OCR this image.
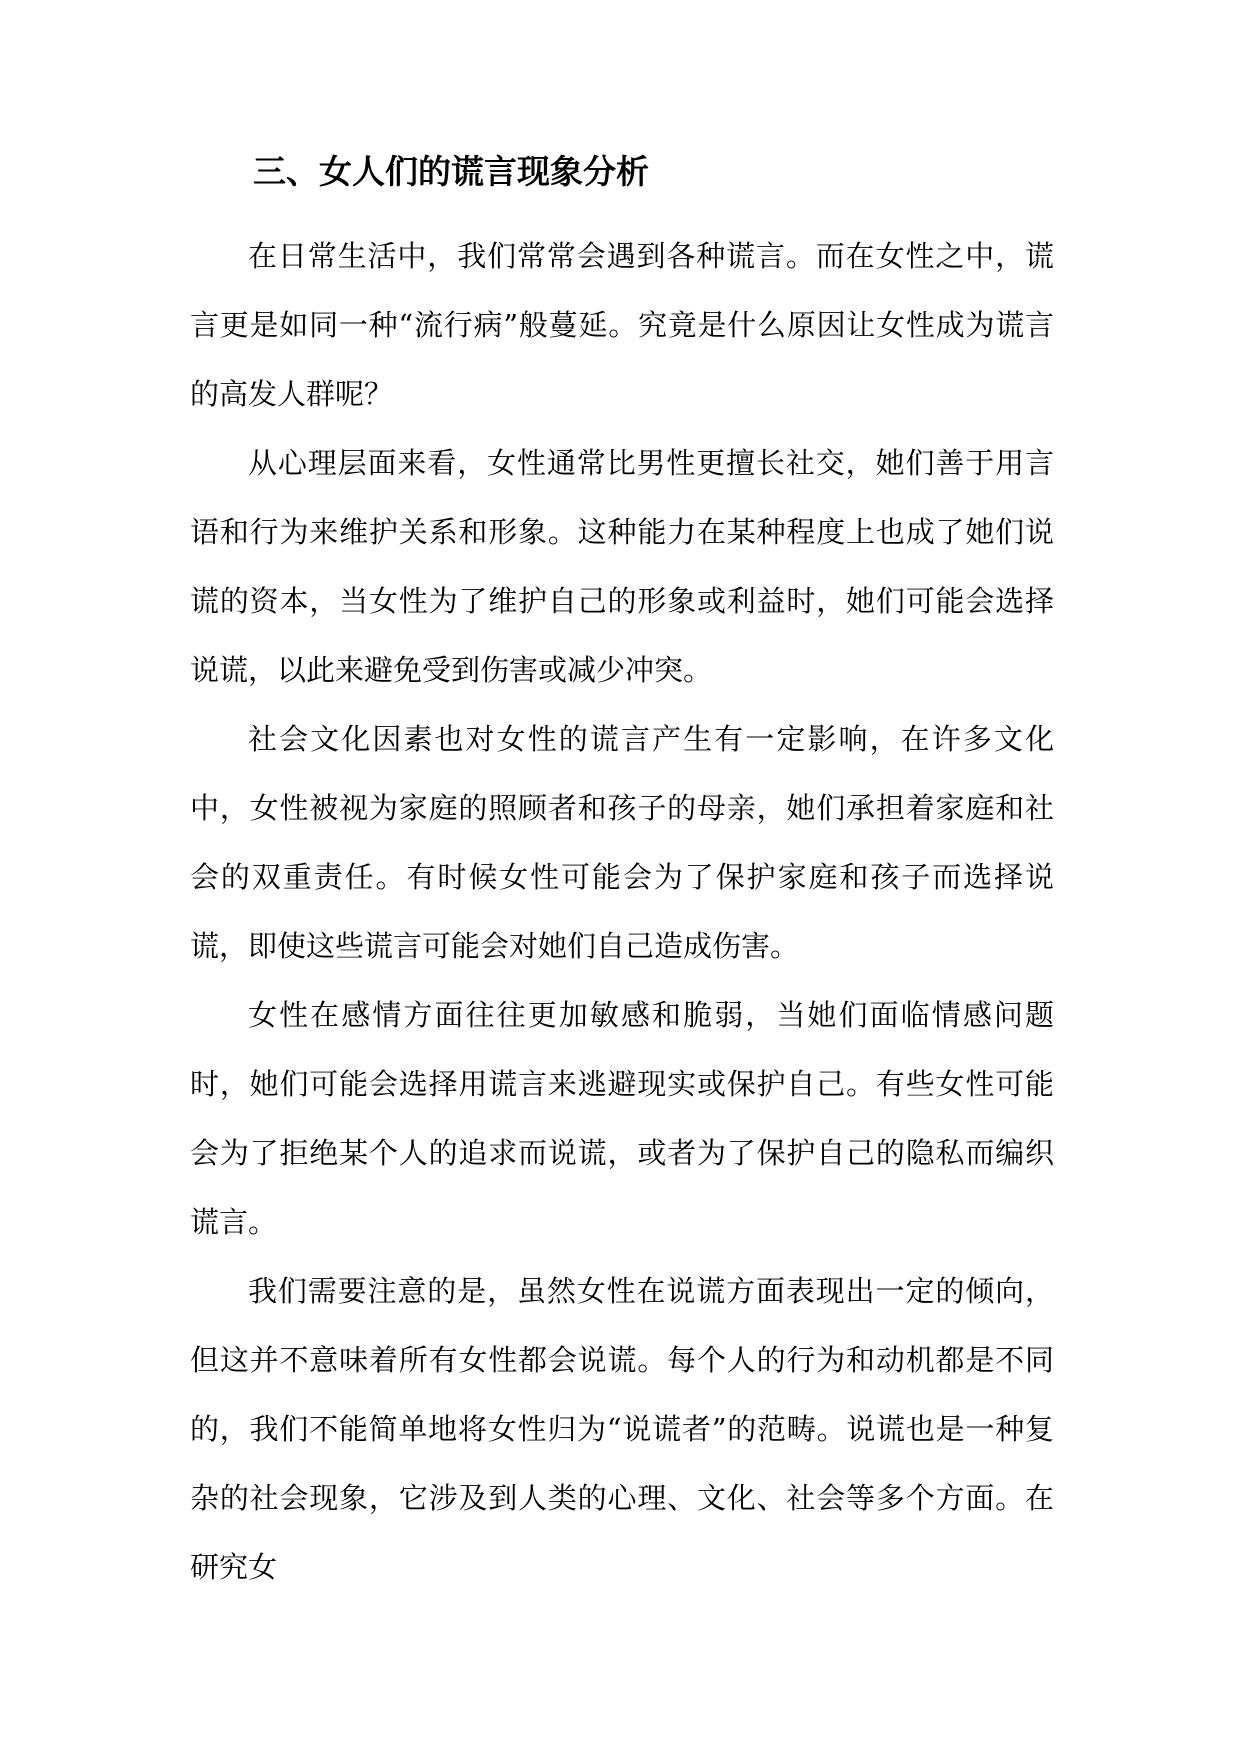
三、女人们的谎言现象分析

在日常生活中，我们常常会遇到各种谎言。而在女性之中，谎言更是如同一种“流行病”般蔓延。究竟是什么原因让女性成为谎言的高发人群呢？

从心理层面来看，女性通常比男性更擅长社交，她们善于用言语和行为来维护关系和形象。这种能力在某种程度上也成了她们说谎的资本，当女性为了维护自己的形象或利益时，她们可能会选择说谎，以此来避免受到伤害或减少冲突。

社会文化因素也对女性的谎言产生有一定影响，在许多文化中，女性被视为家庭的照顾者和孩子的母亲，她们承担着家庭和社会的双重责任。有时候女性可能会为了保护家庭和孩子而选择说谎，即使这些谎言可能会对她们自己造成伤害。

女性在感情方面往往更加敏感和脆弱，当她们面临情感问题时，她们可能会选择用谎言来逃避现实或保护自己。有些女性可能会为了拒绝某个人的追求而说谎，或者为了保护自己的隐私而编织谎言。

我们需要注意的是，虽然女性在说谎方面表现出一定的倾向，但这并不意味着所有女性都会说谎。每个人的行为和动机都是不同的，我们不能简单地将女性归为“说谎者”的范畴。说谎也是一种复杂的社会现象，它涉及到人类的心理、文化、社会等多个方面。在研究女
